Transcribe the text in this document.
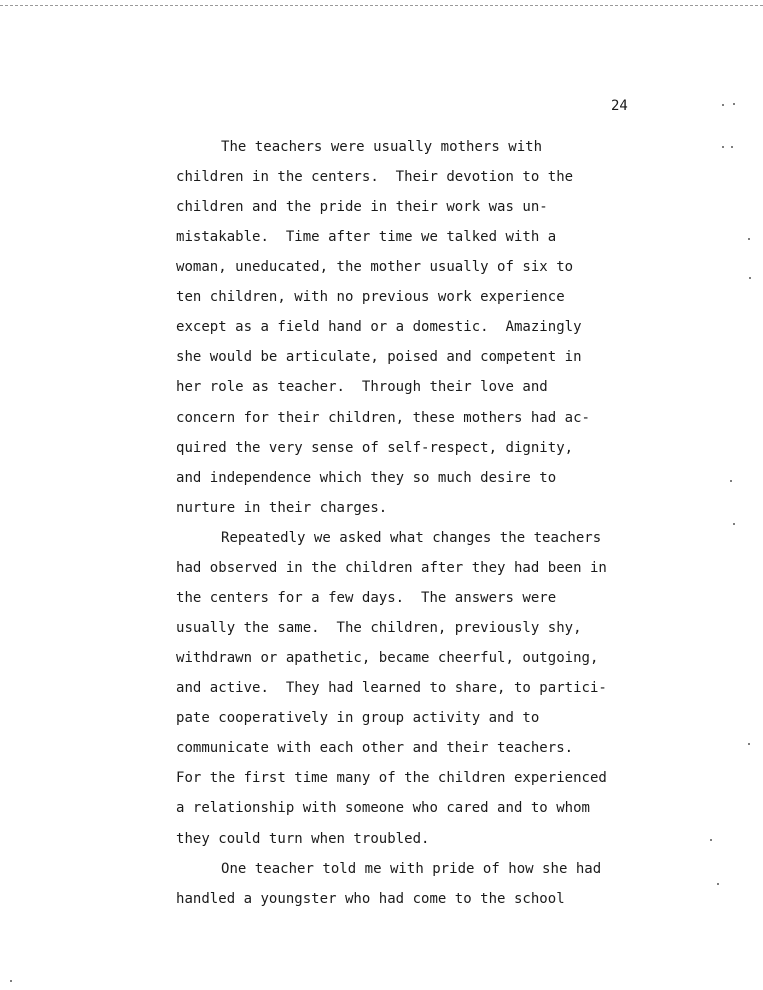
24
The teachers were usually mothers with
children in the centers.  Their devotion to the
children and the pride in their work was un-
mistakable.  Time after time we talked with a
woman, uneducated, the mother usually of six to
ten children, with no previous work experience
except as a field hand or a domestic.  Amazingly
she would be articulate, poised and competent in
her role as teacher.  Through their love and
concern for their children, these mothers had ac-
quired the very sense of self-respect, dignity,
and independence which they so much desire to
nurture in their charges.
Repeatedly we asked what changes the teachers
had observed in the children after they had been in
the centers for a few days.  The answers were
usually the same.  The children, previously shy,
withdrawn or apathetic, became cheerful, outgoing,
and active.  They had learned to share, to partici-
pate cooperatively in group activity and to
communicate with each other and their teachers.
For the first time many of the children experienced
a relationship with someone who cared and to whom
they could turn when troubled.
One teacher told me with pride of how she had
handled a youngster who had come to the school
